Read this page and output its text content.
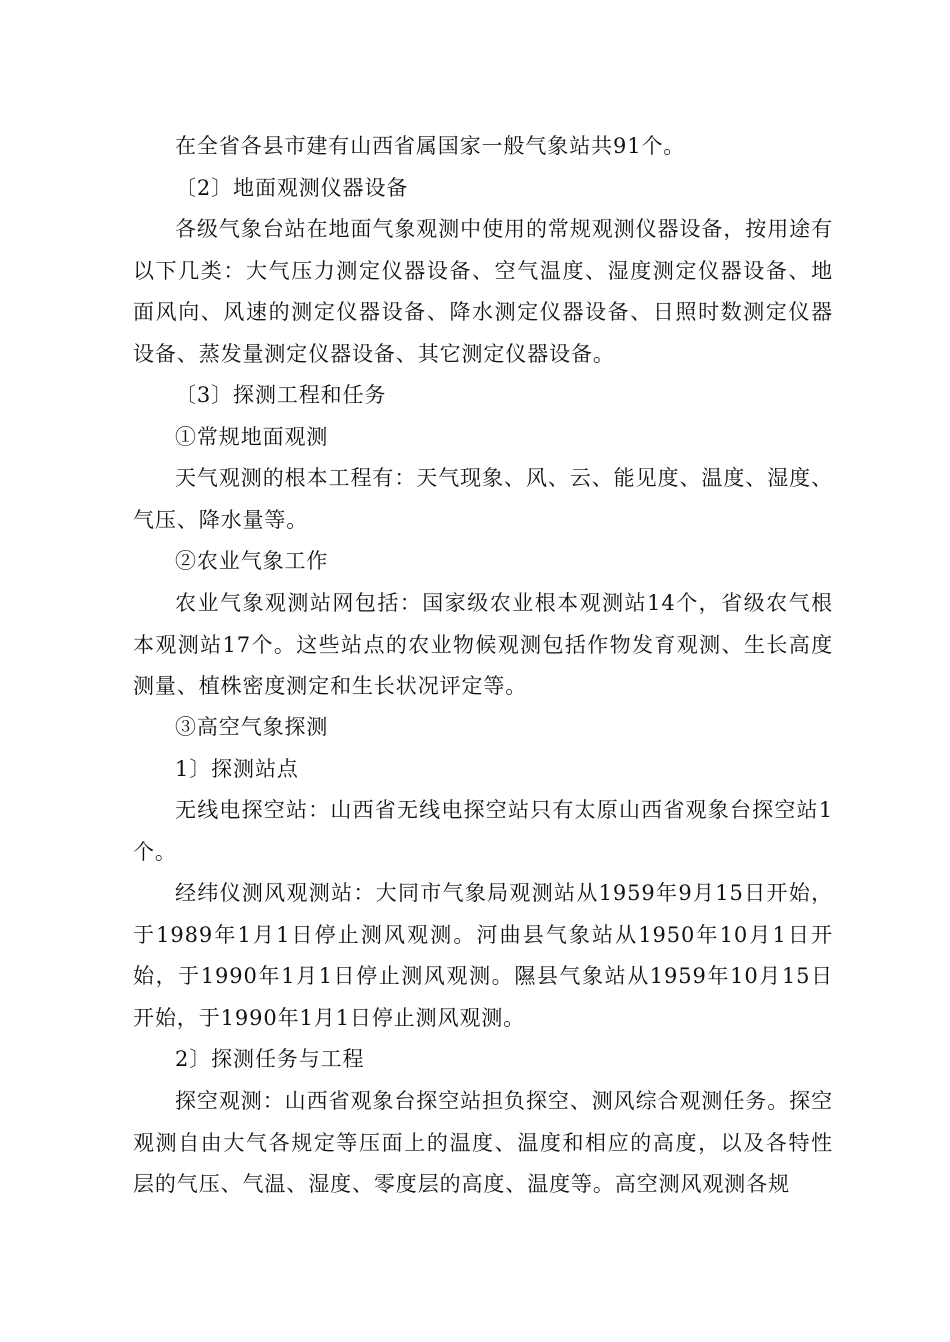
在全省各县市建有山西省属国家一般气象站共91个。

〔2〕地面观测仪器设备

各级气象台站在地面气象观测中使用的常规观测仪器设备，按用途有以下几类：大气压力测定仪器设备、空气温度、湿度测定仪器设备、地面风向、风速的测定仪器设备、降水测定仪器设备、日照时数测定仪器设备、蒸发量测定仪器设备、其它测定仪器设备。

〔3〕探测工程和任务

①常规地面观测

天气观测的根本工程有：天气现象、风、云、能见度、温度、湿度、气压、降水量等。

②农业气象工作

农业气象观测站网包括：国家级农业根本观测站14个，省级农气根本观测站17个。这些站点的农业物候观测包括作物发育观测、生长高度测量、植株密度测定和生长状况评定等。

③高空气象探测

1〕探测站点

无线电探空站：山西省无线电探空站只有太原山西省观象台探空站1个。

经纬仪测风观测站：大同市气象局观测站从1959年9月15日开始，于1989年1月1日停止测风观测。河曲县气象站从1950年10月1日开始，于1990年1月1日停止测风观测。隰县气象站从1959年10月15日开始，于1990年1月1日停止测风观测。

2〕探测任务与工程

探空观测：山西省观象台探空站担负探空、测风综合观测任务。探空观测自由大气各规定等压面上的温度、温度和相应的高度，以及各特性层的气压、气温、湿度、零度层的高度、温度等。高空测风观测各规
